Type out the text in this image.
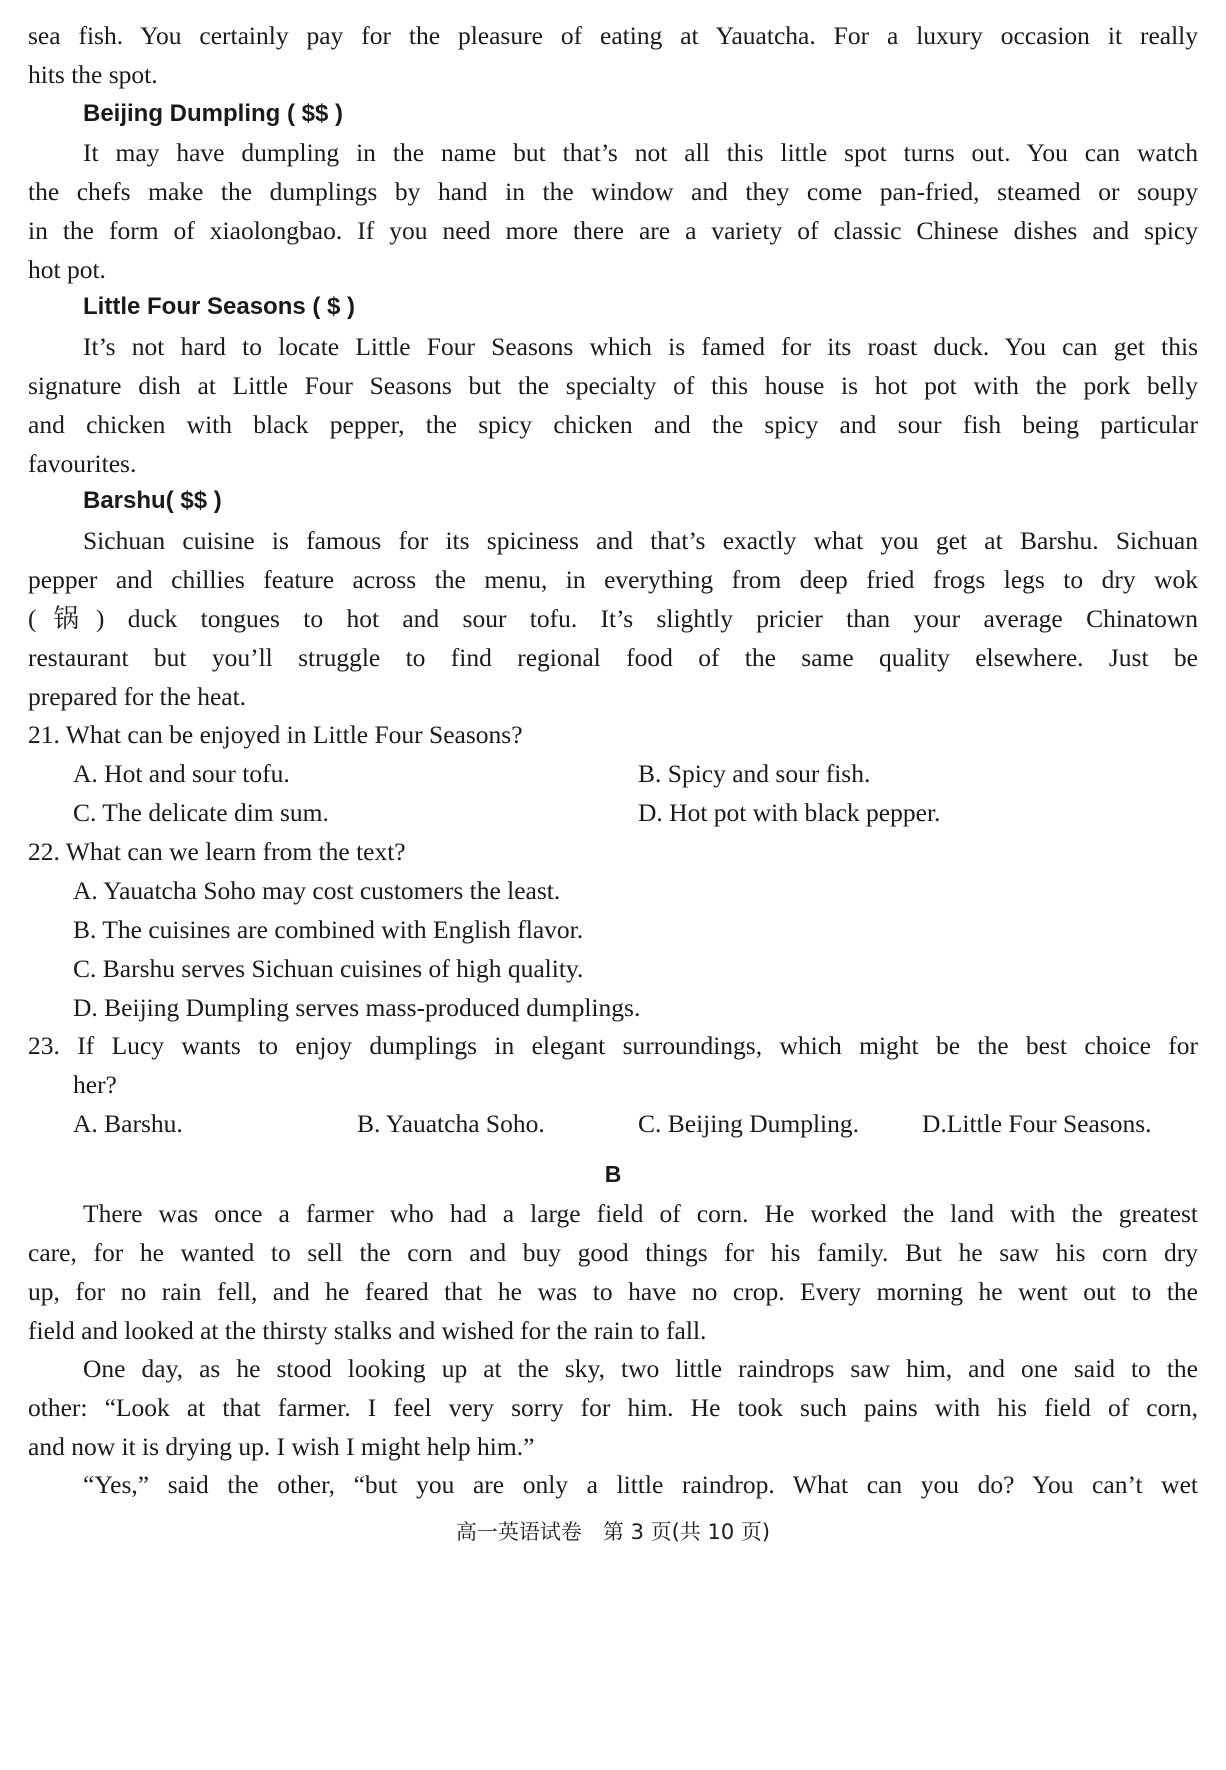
sea fish. You certainly pay for the pleasure of eating at Yauatcha. For a luxury occasion it really
hits the spot.
Beijing Dumpling ( $$ )
It may have dumpling in the name but that’s not all this little spot turns out. You can watch
the chefs make the dumplings by hand in the window and they come pan-fried, steamed or soupy
in the form of xiaolongbao. If you need more there are a variety of classic Chinese dishes and spicy
hot pot.
Little Four Seasons ( $ )
It’s not hard to locate Little Four Seasons which is famed for its roast duck. You can get this
signature dish at Little Four Seasons but the specialty of this house is hot pot with the pork belly
and chicken with black pepper, the spicy chicken and the spicy and sour fish being particular
favourites.
Barshu( $$ )
Sichuan cuisine is famous for its spiciness and that’s exactly what you get at Barshu. Sichuan
pepper and chillies feature across the menu, in everything from deep fried frogs legs to dry wok
(锅) duck tongues to hot and sour tofu. It’s slightly pricier than your average Chinatown
restaurant but you’ll struggle to find regional food of the same quality elsewhere. Just be
prepared for the heat.
21. What can be enjoyed in Little Four Seasons?
A. Hot and sour tofu.	B. Spicy and sour fish.
C. The delicate dim sum.	D. Hot pot with black pepper.
22. What can we learn from the text?
A. Yauatcha Soho may cost customers the least.
B. The cuisines are combined with English flavor.
C. Barshu serves Sichuan cuisines of high quality.
D. Beijing Dumpling serves mass-produced dumplings.
23. If Lucy wants to enjoy dumplings in elegant surroundings, which might be the best choice for
her?
A. Barshu.	B. Yauatcha Soho.	C. Beijing Dumpling.	D.Little Four Seasons.
B
There was once a farmer who had a large field of corn. He worked the land with the greatest
care, for he wanted to sell the corn and buy good things for his family. But he saw his corn dry
up, for no rain fell, and he feared that he was to have no crop. Every morning he went out to the
field and looked at the thirsty stalks and wished for the rain to fall.
One day, as he stood looking up at the sky, two little raindrops saw him, and one said to the
other: “Look at that farmer. I feel very sorry for him. He took such pains with his field of corn,
and now it is drying up. I wish I might help him.”
“Yes,” said the other, “but you are only a little raindrop. What can you do? You can’t wet
高一英语试卷　第 3 页(共 10 页)
